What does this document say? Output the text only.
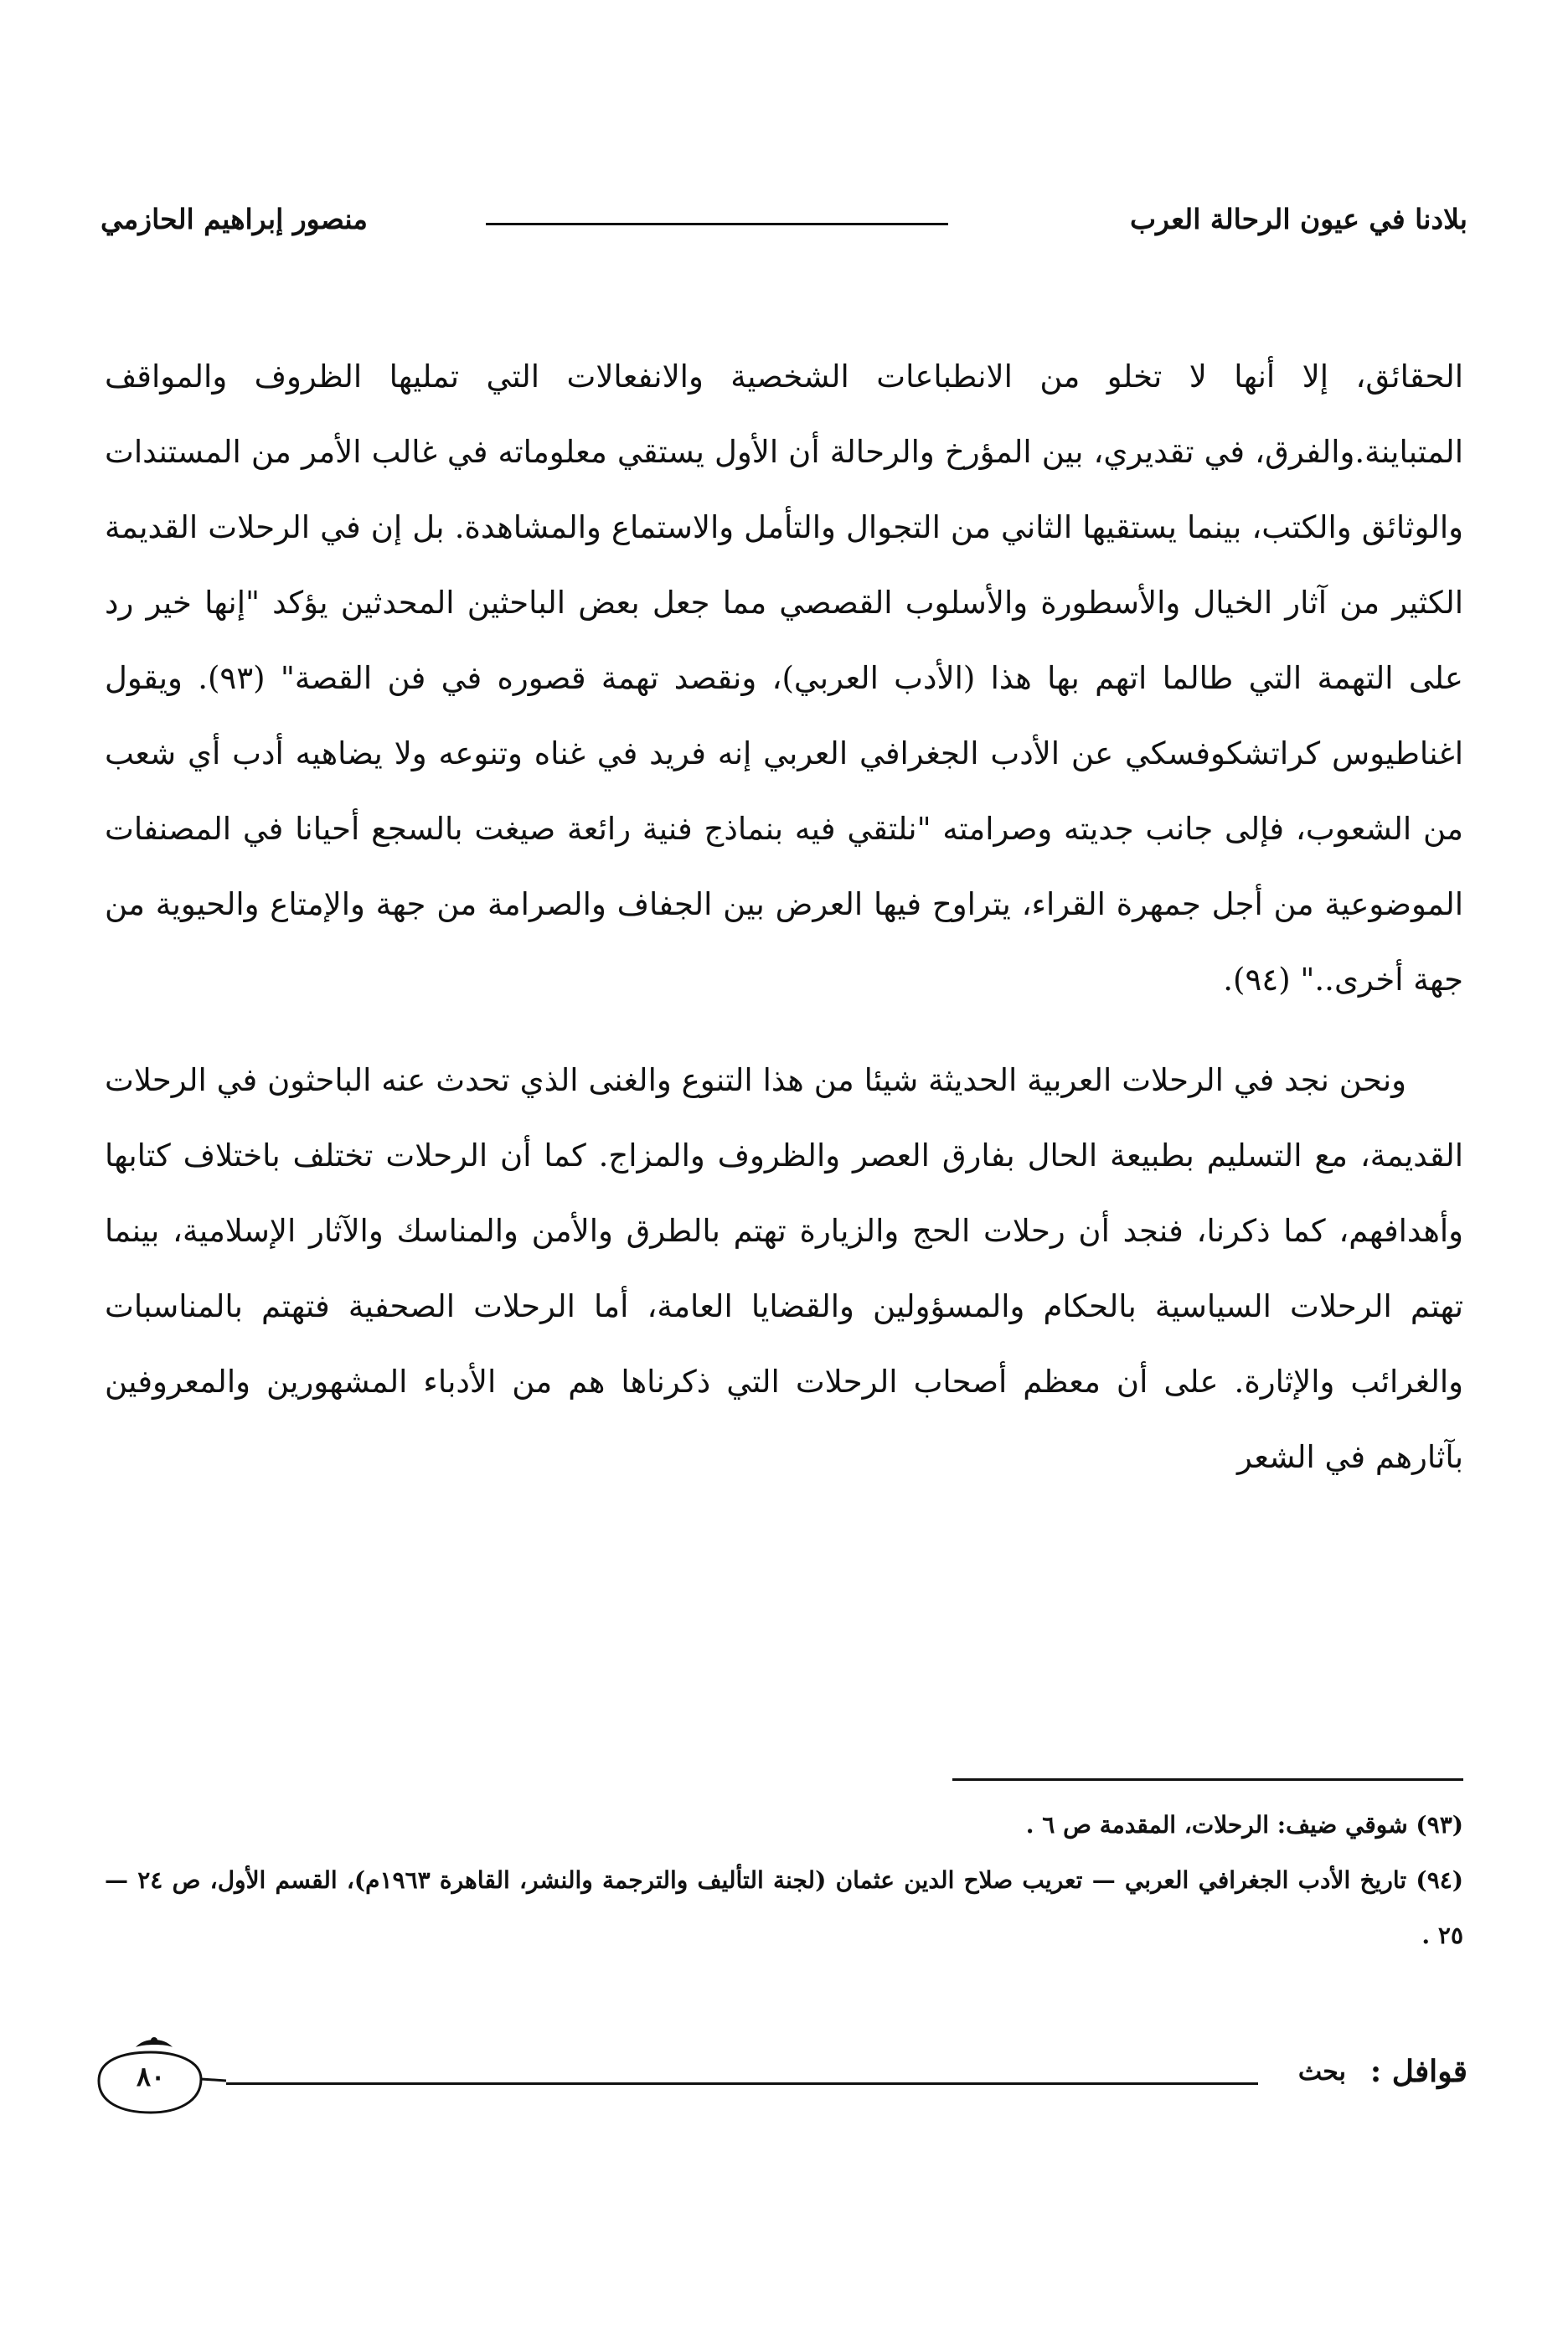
بلادنا في عيون الرحالة العرب
منصور إبراهيم الحازمي

الحقائق، إلا أنها لا تخلو من الانطباعات الشخصية والانفعالات التي تمليها الظروف والمواقف المتباينة.والفرق، في تقديري، بين المؤرخ والرحالة أن الأول يستقي معلوماته في غالب الأمر من المستندات والوثائق والكتب، بينما يستقيها الثاني من التجوال والتأمل والاستماع والمشاهدة. بل إن في الرحلات القديمة الكثير من آثار الخيال والأسطورة والأسلوب القصصي مما جعل بعض الباحثين المحدثين يؤكد "إنها خير رد على التهمة التي طالما اتهم بها هذا (الأدب العربي)، ونقصد تهمة قصوره في فن القصة" (٩٣). ويقول اغناطيوس كراتشكوفسكي عن الأدب الجغرافي العربي إنه فريد في غناه وتنوعه ولا يضاهيه أدب أي شعب من الشعوب، فإلى جانب جديته وصرامته "نلتقي فيه بنماذج فنية رائعة صيغت بالسجع أحيانا في المصنفات الموضوعية من أجل جمهرة القراء، يتراوح فيها العرض بين الجفاف والصرامة من جهة والإمتاع والحيوية من جهة أخرى.." (٩٤).

ونحن نجد في الرحلات العربية الحديثة شيئا من هذا التنوع والغنى الذي تحدث عنه الباحثون في الرحلات القديمة، مع التسليم بطبيعة الحال بفارق العصر والظروف والمزاج. كما أن الرحلات تختلف باختلاف كتابها وأهدافهم، كما ذكرنا، فنجد أن رحلات الحج والزيارة تهتم بالطرق والأمن والمناسك والآثار الإسلامية، بينما تهتم الرحلات السياسية بالحكام والمسؤولين والقضايا العامة، أما الرحلات الصحفية فتهتم بالمناسبات والغرائب والإثارة. على أن معظم أصحاب الرحلات التي ذكرناها هم من الأدباء المشهورين والمعروفين بآثارهم في الشعر

(٩٣) شوقي ضيف: الرحلات، المقدمة ص ٦ .

(٩٤) تاريخ الأدب الجغرافي العربي — تعريب صلاح الدين عثمان (لجنة التأليف والترجمة والنشر، القاهرة ١٩٦٣م)، القسم الأول، ص ٢٤ —٢٥ .

قوافل :
بحث
٨٠
